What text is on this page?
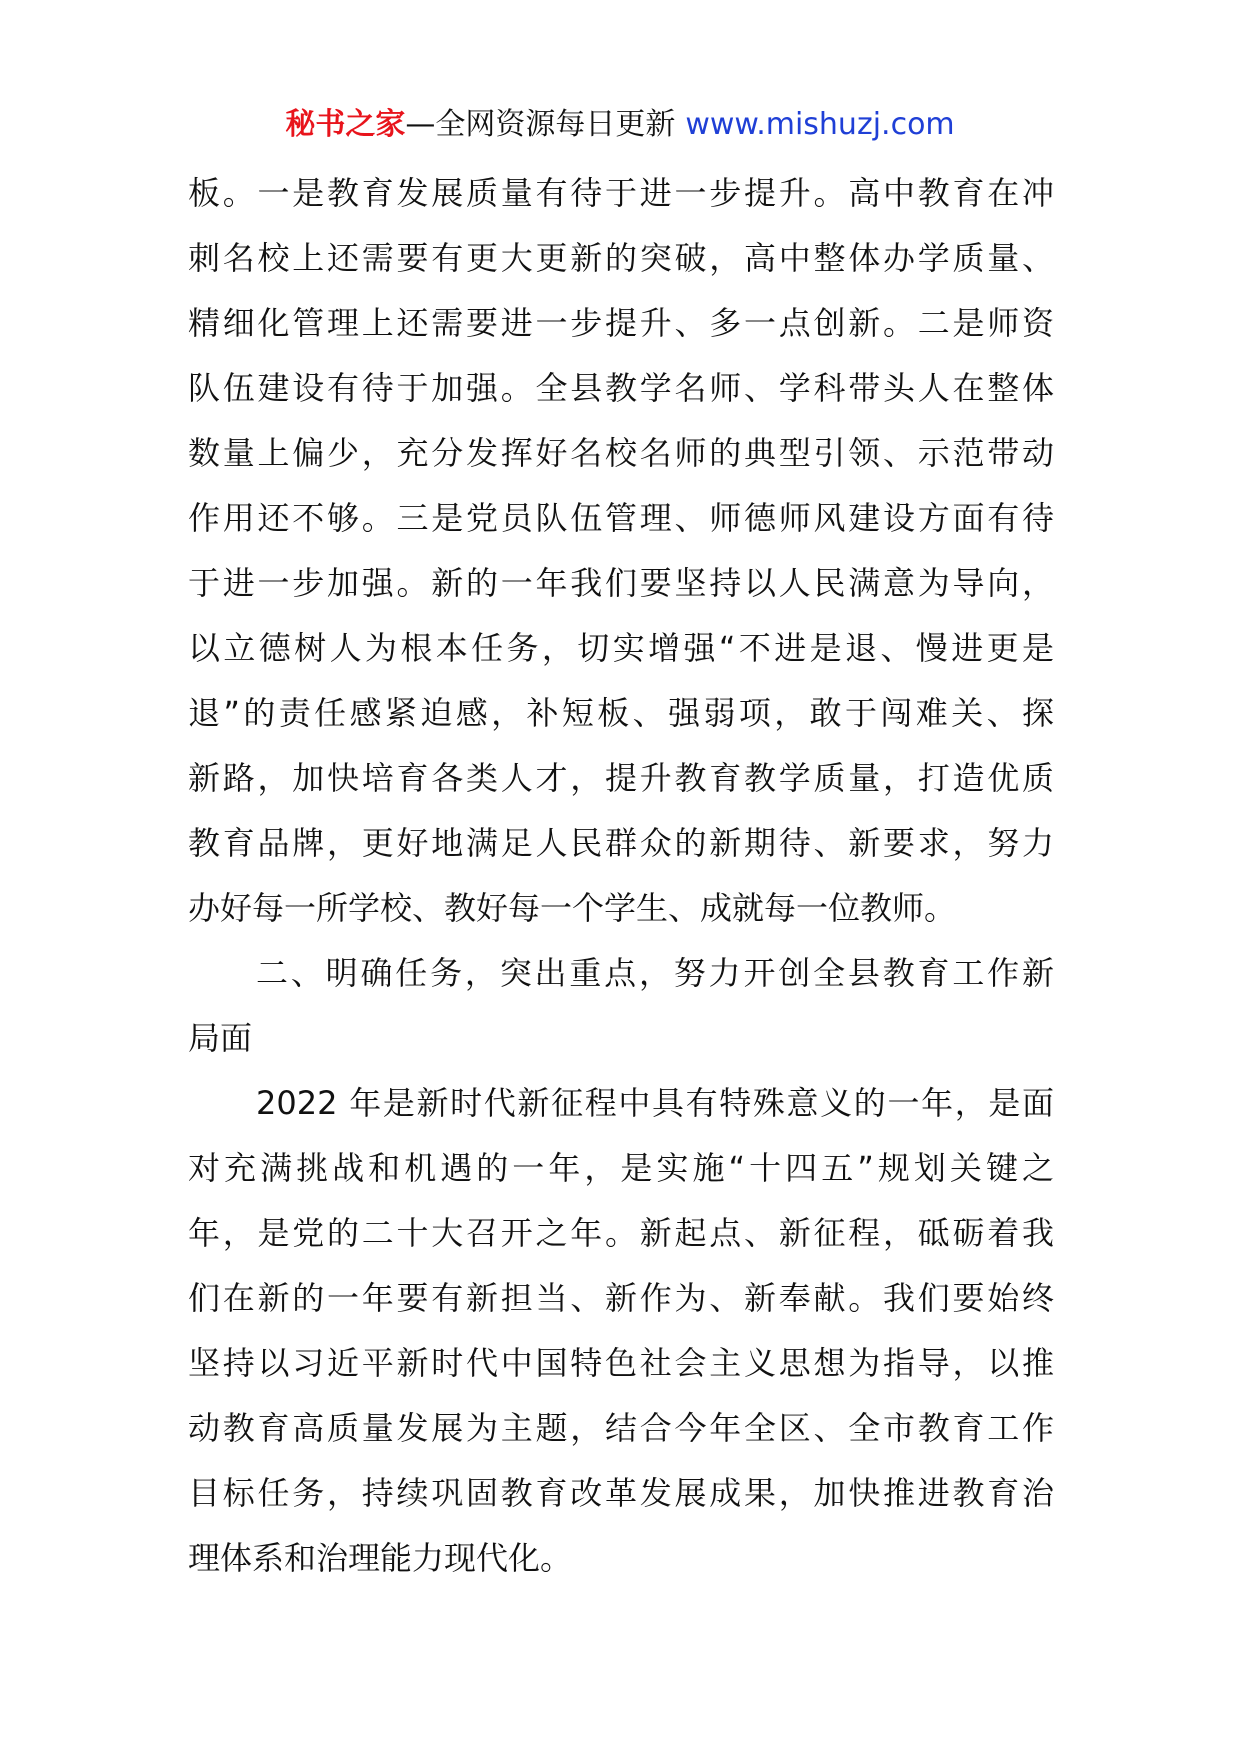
秘书之家—全网资源每日更新 www.mishuzj.com
板。一是教育发展质量有待于进一步提升。高中教育在冲
刺名校上还需要有更大更新的突破，高中整体办学质量、
精细化管理上还需要进一步提升、多一点创新。二是师资
队伍建设有待于加强。全县教学名师、学科带头人在整体
数量上偏少，充分发挥好名校名师的典型引领、示范带动
作用还不够。三是党员队伍管理、师德师风建设方面有待
于进一步加强。新的一年我们要坚持以人民满意为导向，
以立德树人为根本任务，切实增强“不进是退、慢进更是
退”的责任感紧迫感，补短板、强弱项，敢于闯难关、探
新路，加快培育各类人才，提升教育教学质量，打造优质
教育品牌，更好地满足人民群众的新期待、新要求，努力
办好每一所学校、教好每一个学生、成就每一位教师。
二、明确任务，突出重点，努力开创全县教育工作新
局面
2022 年是新时代新征程中具有特殊意义的一年，是面
对充满挑战和机遇的一年，是实施“十四五”规划关键之
年，是党的二十大召开之年。新起点、新征程，砥砺着我
们在新的一年要有新担当、新作为、新奉献。我们要始终
坚持以习近平新时代中国特色社会主义思想为指导，以推
动教育高质量发展为主题，结合今年全区、全市教育工作
目标任务，持续巩固教育改革发展成果，加快推进教育治
理体系和治理能力现代化。
